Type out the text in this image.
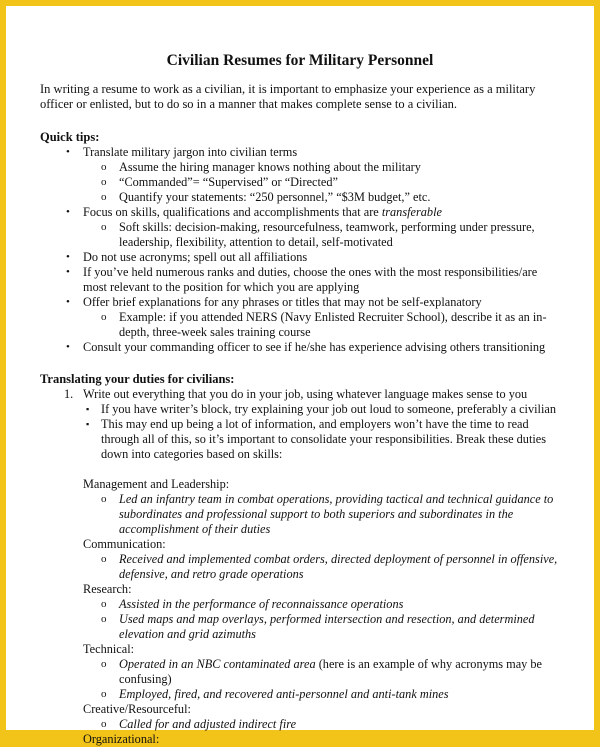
Civilian Resumes for Military Personnel
In writing a resume to work as a civilian, it is important to emphasize your experience as a military officer or enlisted, but to do so in a manner that makes complete sense to a civilian.
Quick tips:
• Translate military jargon into civilian terms
o Assume the hiring manager knows nothing about the military
o “Commanded”= “Supervised” or “Directed”
o Quantify your statements: “250 personnel,” “$3M budget,” etc.
• Focus on skills, qualifications and accomplishments that are transferable
o Soft skills: decision-making, resourcefulness, teamwork, performing under pressure,
leadership, flexibility, attention to detail, self-motivated
• Do not use acronyms; spell out all affiliations
• If you’ve held numerous ranks and duties, choose the ones with the most responsibilities/are
most relevant to the position for which you are applying
• Offer brief explanations for any phrases or titles that may not be self-explanatory
o Example: if you attended NERS (Navy Enlisted Recruiter School), describe it as an in-
depth, three-week sales training course
• Consult your commanding officer to see if he/she has experience advising others transitioning
Translating your duties for civilians:
1. Write out everything that you do in your job, using whatever language makes sense to you
▪ If you have writer’s block, try explaining your job out loud to someone, preferably a civilian
▪ This may end up being a lot of information, and employers won’t have the time to read
through all of this, so it’s important to consolidate your responsibilities. Break these duties
down into categories based on skills:
Management and Leadership:
o Led an infantry team in combat operations, providing tactical and technical guidance to
subordinates and professional support to both superiors and subordinates in the
accomplishment of their duties
Communication:
o Received and implemented combat orders, directed deployment of personnel in offensive,
defensive, and retro grade operations
Research:
o Assisted in the performance of reconnaissance operations
o Used maps and map overlays, performed intersection and resection, and determined
elevation and grid azimuths
Technical:
o Operated in an NBC contaminated area (here is an example of why acronyms may be
confusing)
o Employed, fired, and recovered anti-personnel and anti-tank mines
Creative/Resourceful:
o Called for and adjusted indirect fire
Organizational:
